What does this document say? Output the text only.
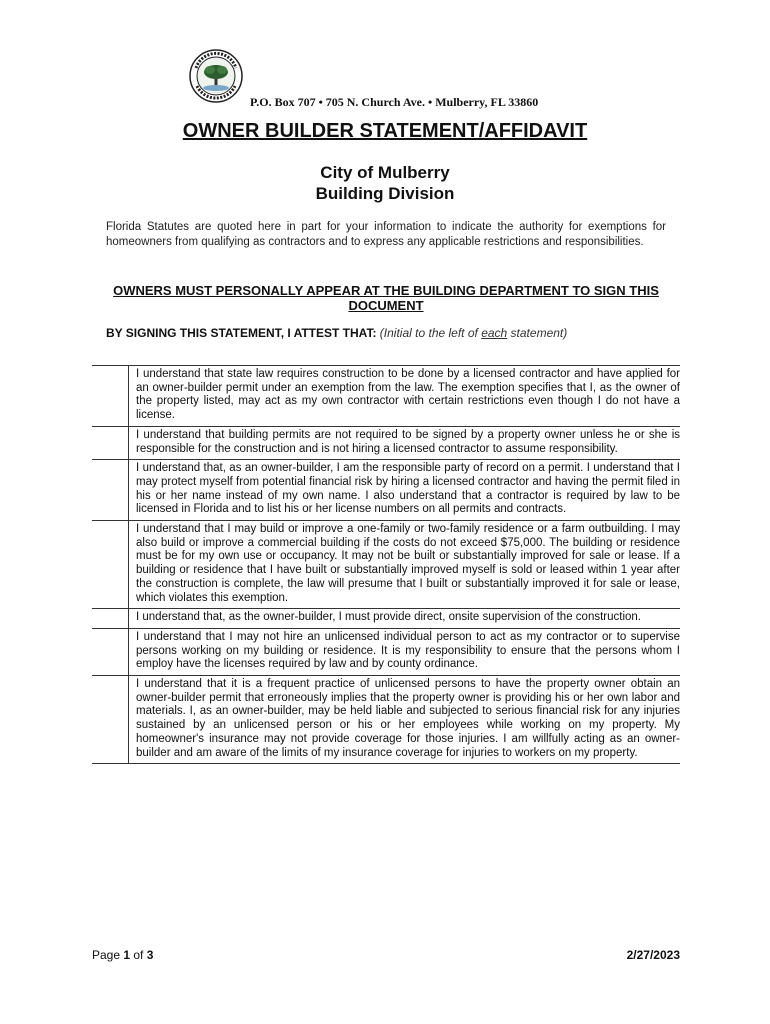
P.O. Box 707 • 705 N. Church Ave. • Mulberry, FL 33860
OWNER BUILDER STATEMENT/AFFIDAVIT
City of Mulberry
Building Division
Florida Statutes are quoted here in part for your information to indicate the authority for exemptions for homeowners from qualifying as contractors and to express any applicable restrictions and responsibilities.
OWNERS MUST PERSONALLY APPEAR AT THE BUILDING DEPARTMENT TO SIGN THIS DOCUMENT
BY SIGNING THIS STATEMENT, I ATTEST THAT: (Initial to the left of each statement)
I understand that state law requires construction to be done by a licensed contractor and have applied for an owner-builder permit under an exemption from the law. The exemption specifies that I, as the owner of the property listed, may act as my own contractor with certain restrictions even though I do not have a license.
I understand that building permits are not required to be signed by a property owner unless he or she is responsible for the construction and is not hiring a licensed contractor to assume responsibility.
I understand that, as an owner-builder, I am the responsible party of record on a permit. I understand that I may protect myself from potential financial risk by hiring a licensed contractor and having the permit filed in his or her name instead of my own name. I also understand that a contractor is required by law to be licensed in Florida and to list his or her license numbers on all permits and contracts.
I understand that I may build or improve a one-family or two-family residence or a farm outbuilding. I may also build or improve a commercial building if the costs do not exceed $75,000. The building or residence must be for my own use or occupancy. It may not be built or substantially improved for sale or lease. If a building or residence that I have built or substantially improved myself is sold or leased within 1 year after the construction is complete, the law will presume that I built or substantially improved it for sale or lease, which violates this exemption.
I understand that, as the owner-builder, I must provide direct, onsite supervision of the construction.
I understand that I may not hire an unlicensed individual person to act as my contractor or to supervise persons working on my building or residence. It is my responsibility to ensure that the persons whom I employ have the licenses required by law and by county ordinance.
I understand that it is a frequent practice of unlicensed persons to have the property owner obtain an owner-builder permit that erroneously implies that the property owner is providing his or her own labor and materials. I, as an owner-builder, may be held liable and subjected to serious financial risk for any injuries sustained by an unlicensed person or his or her employees while working on my property. My homeowner's insurance may not provide coverage for those injuries. I am willfully acting as an owner-builder and am aware of the limits of my insurance coverage for injuries to workers on my property.
Page 1 of 3	2/27/2023
